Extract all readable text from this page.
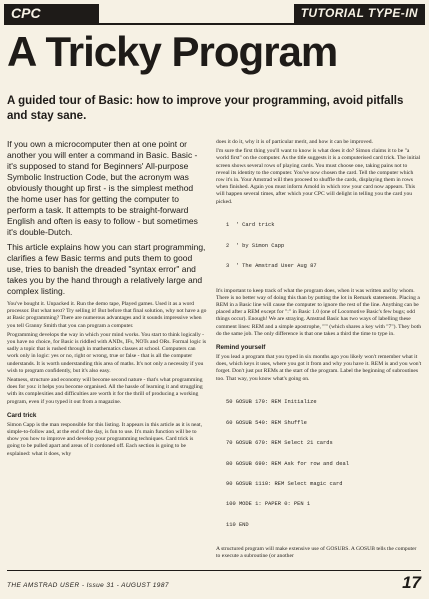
CPC	TUTORIAL TYPE-IN
A Tricky Program
A guided tour of Basic: how to improve your programming, avoid pitfalls and stay sane.

If you own a microcomputer then at one point or another you will enter a command in Basic. Basic - it's supposed to stand for Beginners' All-purpose Symbolic Instruction Code, but the acronym was obviously thought up first - is the simplest method the home user has for getting the computer to perform a task. It attempts to be straight-forward English and often is easy to follow - but sometimes it's double-Dutch.

This article explains how you can start programming, clarifies a few Basic terms and puts them to good use, tries to banish the dreaded "syntax error" and takes you by the hand through a relatively large and complex listing.

You've bought it. Unpacked it. Run the demo tape, Played games. Used it as a word processor. But what next? Try selling it! But before that final solution, why not have a go at Basic programming? There are numerous advantages and it sounds impressive when you tell Granny Smith that you can program a computer.

Programming develops the way in which your mind works. You start to think logically - you have no choice, for Basic is riddled with ANDs, IFs, NOTs and ORs. Formal logic is sadly a topic that is rushed through in mathematics classes at school. Computers can work only in logic: yes or no, right or wrong, true or false - that is all the computer understands. It is worth understanding this area of maths. It's not only a necessity if you wish to program confidently, but it's also easy.

Neatness, structure and economy will become second nature - that's what programming does for you: it helps you become organised. All the hassle of learning it and struggling with its complexities and difficulties are worth it for the thrill of producing a working program, even if you typed it out from a magazine.

Card trick

Simon Capp is the man responsible for this listing. It appears in this article as it is neat, simple-to-follow and, at the end of the day, is fun to use. It's main function will be to show you how to improve and develop your programming techniques. Card trick is going to be pulled apart and areas of it cordoned off. Each section is going to be explained: what it does, why

does it do it, why it is of particular merit, and how it can be improved.

I'm sure the first thing you'll want to know is what does it do? Simon claims it to be "a world first" on the computer. As the title suggests it is a computerised card trick. The initial screen shows several rows of playing cards. You must choose one, taking pains not to reveal its identity to the computer. You've now chosen the card. Tell the computer which row it's in. Your Amstrad will then proceed to shuffle the cards, displaying them in rows when finished. Again you must inform Arnold in which row your card now appears. This will happen several times, after which your CPC will delight in telling you the card you picked.

1  ' Card trick

2  ' by Simon Capp

3  ' The Amstrad User Aug 87

It's important to keep track of what the program does, when it was written and by whom. There is no better way of doing this than by putting the lot in Remark statements. Placing a REM in a Basic line will cause the computer to ignore the rest of the line. Anything can be placed after a REM except for ":" in Basic 1.0 (one of Locomotive Basic's few bugs; odd things occur). Enough! We are straying. Amstrad Basic has two ways of labelling these comment lines: REM and a simple apostrophe, "'" (which shares a key with "7"). They both do the same job. The only difference is that one takes a third the time to type in.

Remind yourself

If you lead a program that you typed in six months ago you likely won't remember what it does, which keys it uses, where you got it from and why you have it. REM is and you won't forget. Don't just put REMs at the start of the program. Label the beginning of subroutines too. That way, you know what's going on.

50 GOSUB 170: REM Initialize

60 GOSUB 540: REM Shuffle

70 GOSUB 670: REM Select 21 cards

80 GOSUB 690: REM Ask for row and deal

90 GOSUB 1110: REM Select magic card

100 MODE 1: PAPER 0: PEN 1

110 END

A structured program will make extensive use of GOSUBS. A GOSUB tells the computer to execute a subroutine (or another

THE AMSTRAD USER - Issue 31 - AUGUST 1987	17
